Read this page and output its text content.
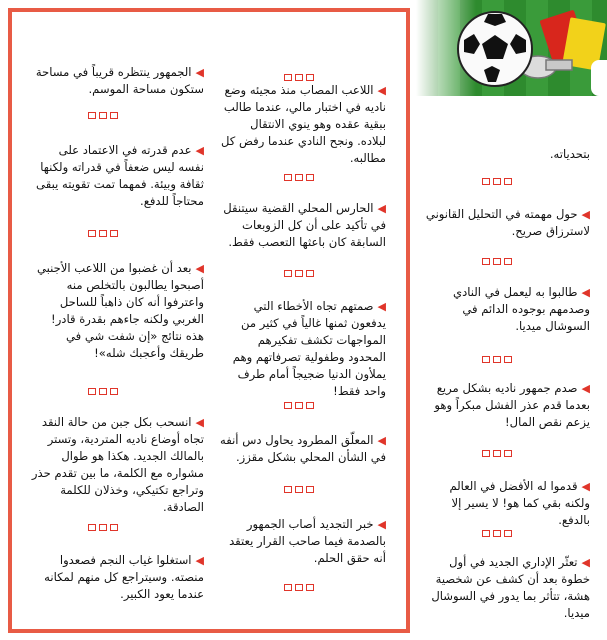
◀الجمهور ينتظره قريباً في مساحة ستكون مساحة الموسم.
◀عدم قدرته في الاعتماد على نفسه ليس ضعفاً في قدراته ولكنها ثقافة وبيئة. فمهما تمت تقويته يبقى محتاجاً للدفع.
◀بعد أن غضبوا من اللاعب الأجنبي أصبحوا يطالبون بالتخلص منه واعترفوا أنه كان ذاهباً للساحل الغربي ولكنه جاءهم بقدرة قادر! هذه نتائج «إن شفت شي في طريقك وأعجبك شله»!
◀انسحب بكل جبن من حالة النقد تجاه أوضاع ناديه المتردية، وتستر بالمالك الجديد. هكذا هو طوال مشواره مع الكلمة، ما بين تقدم حذر وتراجع تكتيكي، وخذلان للكلمة الصادقة.
◀استغلوا غياب النجم فصعدوا منصته. وسيتراجع كل منهم لمكانه عندما يعود الكبير.
◀اللاعب المصاب منذ مجيئه وضع ناديه في اختبار مالي، عندما طالب ببقية عقده وهو ينوي الانتقال لبلاده. ونجح النادي عندما رفض كل مطالبه.
◀الحارس المحلي القضية سيتنقل في تأكيد على أن كل الزوبعات السابقة كان باعثها التعصب فقط.
◀صمتهم تجاه الأخطاء التي يدفعون ثمنها غالياً في كثير من المواجهات تكشف تفكيرهم المحدود وطفولية تصرفاتهم وهم يملأون الدنيا ضجيجاً أمام طرف واحد فقط!
◀المعلّق المطرود يحاول دس أنفه في الشأن المحلي بشكل مقزز.
◀خبر التجديد أصاب الجمهور بالصدمة فيما صاحب القرار يعتقد أنه حقق الحلم.
بتحدياته.
◀حول مهمته في التحليل القانوني لاسترزاق صريح.
◀طالبوا به ليعمل في النادي وصدمهم بوجوده الدائم في السوشال ميديا.
◀صدم جمهور ناديه بشكل مريع بعدما قدم عذر الفشل مبكراً وهو يزعم نقص المال!
◀قدموا له الأفضل في العالم ولكنه بقي كما هو! لا يسير إلا بالدفع.
◀تعثّر الإداري الجديد في أول خطوة بعد أن كشف عن شخصية هشة، تتأثر بما يدور في السوشال ميديا.
